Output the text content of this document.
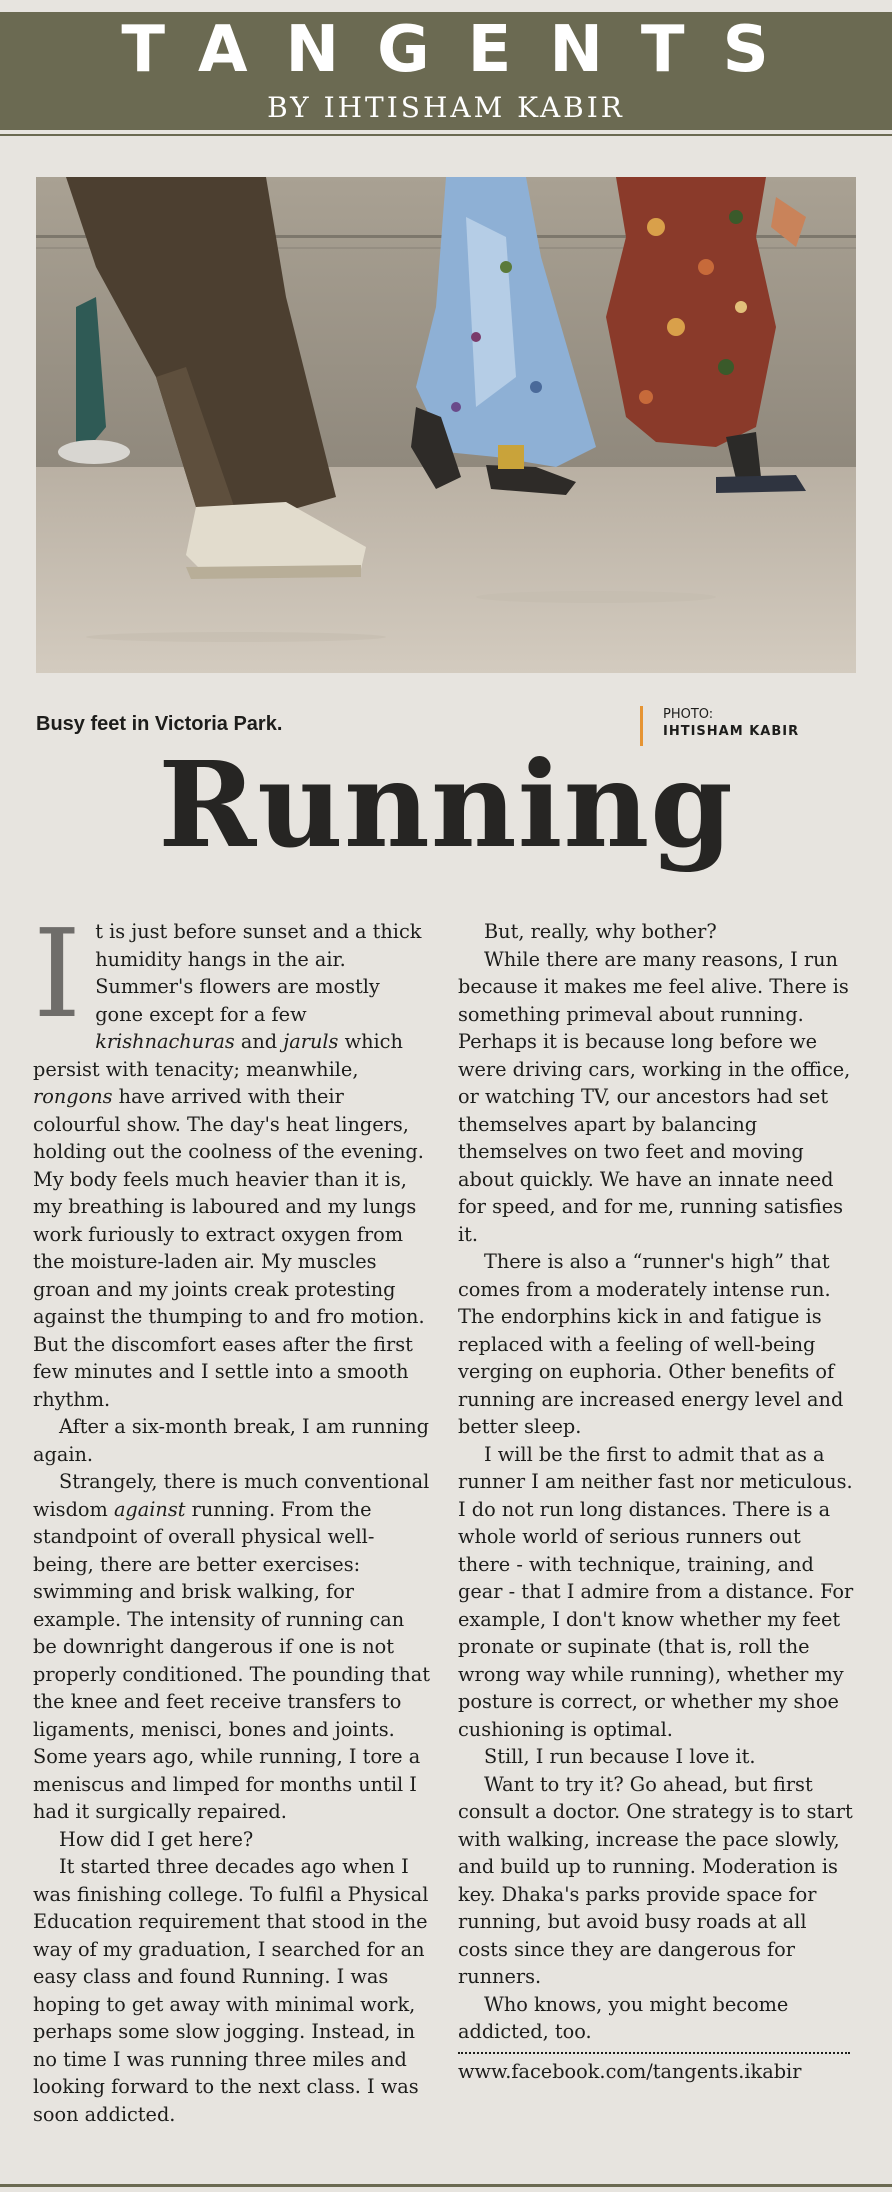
TANGENTS
BY IHTISHAM KABIR
Busy feet in Victoria Park.	PHOTO:
IHTISHAM KABIR
Running

It is just before sunset and a thick humidity hangs in the air. Summer's flowers are mostly gone except for a few krishnachuras and jaruls which persist with tenacity; meanwhile, rongons have arrived with their colourful show. The day's heat lingers, holding out the coolness of the evening. My body feels much heavier than it is, my breathing is laboured and my lungs work furiously to extract oxygen from the moisture-laden air. My muscles groan and my joints creak protesting against the thumping to and fro motion. But the discomfort eases after the first few minutes and I settle into a smooth rhythm.

After a six-month break, I am running again.

Strangely, there is much conventional wisdom against running. From the standpoint of overall physical well-being, there are better exercises: swimming and brisk walking, for example. The intensity of running can be downright dangerous if one is not properly conditioned. The pounding that the knee and feet receive transfers to ligaments, menisci, bones and joints. Some years ago, while running, I tore a meniscus and limped for months until I had it surgically repaired.

How did I get here?

It started three decades ago when I was finishing college. To fulfil a Physical Education requirement that stood in the way of my graduation, I searched for an easy class and found Running. I was hoping to get away with minimal work, perhaps some slow jogging. Instead, in no time I was running three miles and looking forward to the next class. I was soon addicted.

But, really, why bother?

While there are many reasons, I run because it makes me feel alive. There is something primeval about running. Perhaps it is because long before we were driving cars, working in the office, or watching TV, our ancestors had set themselves apart by balancing themselves on two feet and moving about quickly. We have an innate need for speed, and for me, running satisfies it.

There is also a “runner's high” that comes from a moderately intense run. The endorphins kick in and fatigue is replaced with a feeling of well-being verging on euphoria. Other benefits of running are increased energy level and better sleep.

I will be the first to admit that as a runner I am neither fast nor meticulous. I do not run long distances. There is a whole world of serious runners out there - with technique, training, and gear - that I admire from a distance. For example, I don't know whether my feet pronate or supinate (that is, roll the wrong way while running), whether my posture is correct, or whether my shoe cushioning is optimal.

Still, I run because I love it.

Want to try it? Go ahead, but first consult a doctor. One strategy is to start with walking, increase the pace slowly, and build up to running. Moderation is key. Dhaka's parks provide space for running, but avoid busy roads at all costs since they are dangerous for runners.

Who knows, you might become addicted, too.

www.facebook.com/tangents.ikabir
